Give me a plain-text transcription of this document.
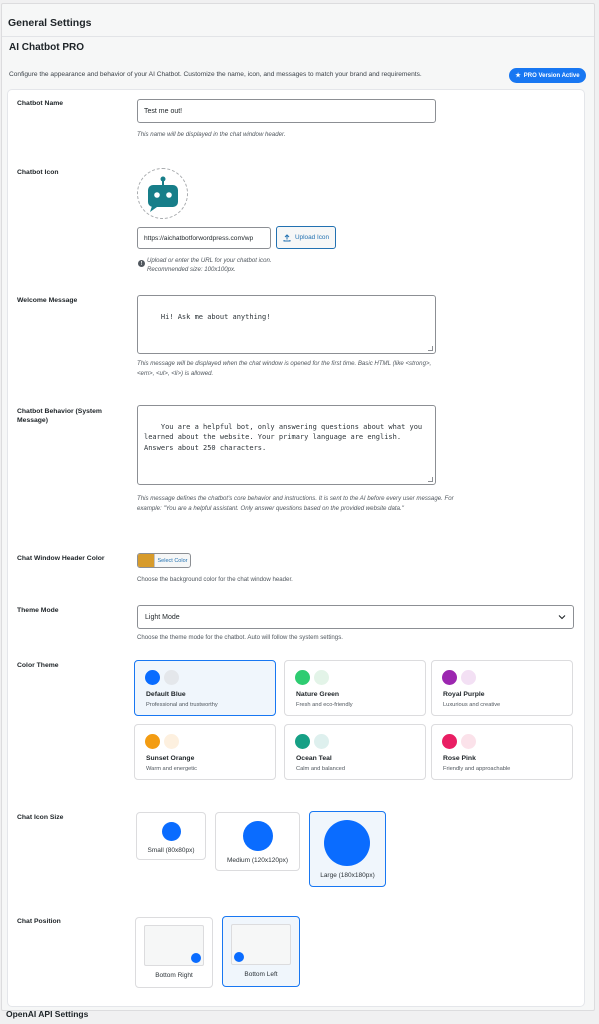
General Settings
AI Chatbot PRO
Configure the appearance and behavior of your AI Chatbot. Customize the name, icon, and messages to match your brand and requirements.	★ PRO Version Active
Chatbot Name
Test me out!
This name will be displayed in the chat window header.
Chatbot Icon
https://aichatbotforwordpress.com/wp	Upload Icon
! Upload or enter the URL for your chatbot icon.
Recommended size: 100x100px.
Welcome Message

Hi! Ask me about anything!

This message will be displayed when the chat window is opened for the first time. Basic HTML (like <strong>, <em>, <ul>, <li>) is allowed.
Chatbot Behavior (System Message)

You are a helpful bot, only answering questions about what you learned about the website. Your primary language are english. Answers about 250 characters.

This message defines the chatbot's core behavior and instructions. It is sent to the AI before every user message. For example: "You are a helpful assistant. Only answer questions based on the provided website data."
Chat Window Header Color	Select Color
Choose the background color for the chat window header.
Theme Mode
Light Mode
Choose the theme mode for the chatbot. Auto will follow the system settings.
Color Theme
Default Blue
Professional and trustworthy
Nature Green
Fresh and eco-friendly
Royal Purple
Luxurious and creative
Sunset Orange
Warm and energetic
Ocean Teal
Calm and balanced
Rose Pink
Friendly and approachable
Chat Icon Size
Small (80x80px)
Medium (120x120px)
Large (180x180px)
Chat Position
Bottom Right	Bottom Left
OpenAI API Settings
